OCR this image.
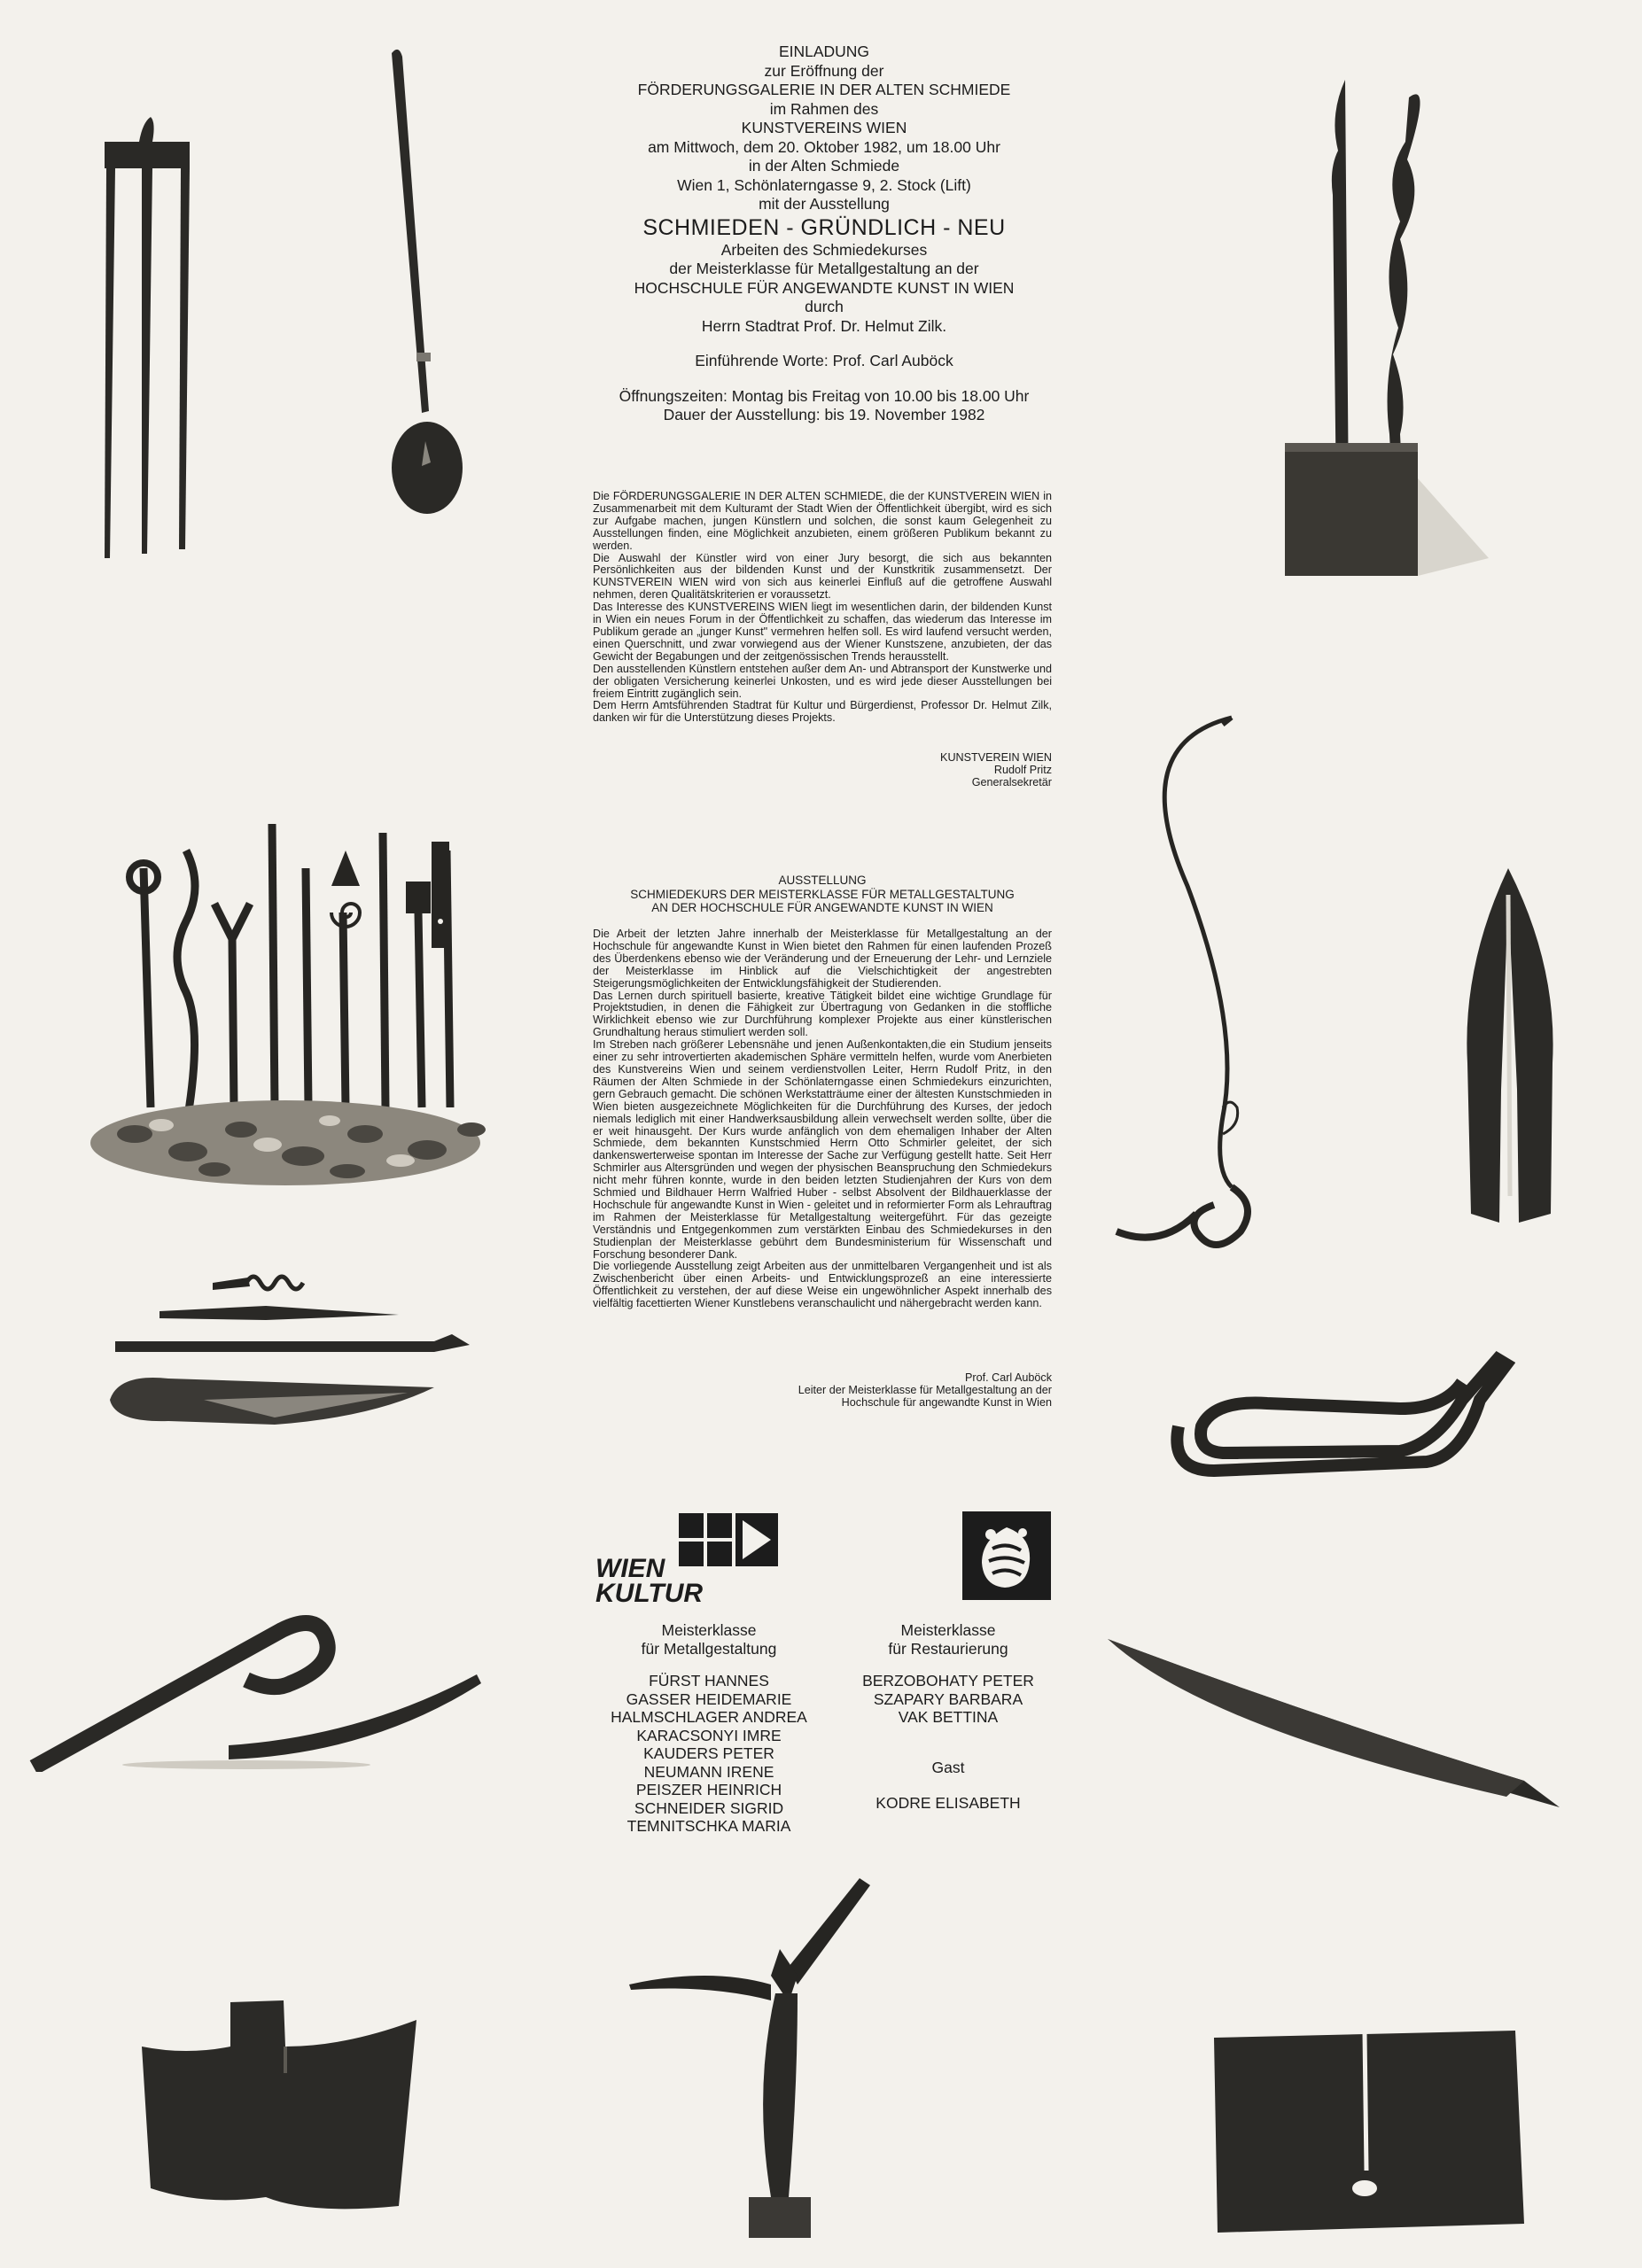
EINLADUNG
zur Eröffnung der
FÖRDERUNGSGALERIE IN DER ALTEN SCHMIEDE
im Rahmen des
KUNSTVEREINS WIEN
am Mittwoch, dem 20. Oktober 1982, um 18.00 Uhr
in der Alten Schmiede
Wien 1, Schönlaterngasse 9, 2. Stock (Lift)
mit der Ausstellung
SCHMIEDEN - GRÜNDLICH - NEU
Arbeiten des Schmiedekurses
der Meisterklasse für Metallgestaltung an der
HOCHSCHULE FÜR ANGEWANDTE KUNST IN WIEN
durch
Herrn Stadtrat Prof. Dr. Helmut Zilk.
Einführende Worte: Prof. Carl Auböck
Öffnungszeiten: Montag bis Freitag von 10.00 bis 18.00 Uhr
Dauer der Ausstellung: bis 19. November 1982

Die FÖRDERUNGSGALERIE IN DER ALTEN SCHMIEDE, die der KUNSTVEREIN WIEN in Zusammenarbeit mit dem Kulturamt der Stadt Wien der Öffentlichkeit übergibt, wird es sich zur Aufgabe machen, jungen Künstlern und solchen, die sonst kaum Gelegenheit zu Ausstellungen finden, eine Möglichkeit anzubieten, einem größeren Publikum bekannt zu werden.

Die Auswahl der Künstler wird von einer Jury besorgt, die sich aus bekannten Persönlichkeiten aus der bildenden Kunst und der Kunstkritik zusammensetzt. Der KUNSTVEREIN WIEN wird von sich aus keinerlei Einfluß auf die getroffene Auswahl nehmen, deren Qualitätskriterien er voraussetzt.

Das Interesse des KUNSTVEREINS WIEN liegt im wesentlichen darin, der bildenden Kunst in Wien ein neues Forum in der Öffentlichkeit zu schaffen, das wiederum das Interesse im Publikum gerade an „junger Kunst" vermehren helfen soll. Es wird laufend versucht werden, einen Querschnitt, und zwar vorwiegend aus der Wiener Kunstszene, anzubieten, der das Gewicht der Begabungen und der zeitgenössischen Trends herausstellt.

Den ausstellenden Künstlern entstehen außer dem An- und Abtransport der Kunstwerke und der obligaten Versicherung keinerlei Unkosten, und es wird jede dieser Ausstellungen bei freiem Eintritt zugänglich sein.

Dem Herrn Amtsführenden Stadtrat für Kultur und Bürgerdienst, Professor Dr. Helmut Zilk, danken wir für die Unterstützung dieses Projekts.

KUNSTVEREIN WIEN
Rudolf Pritz
Generalsekretär
AUSSTELLUNG
SCHMIEDEKURS DER MEISTERKLASSE FÜR METALLGESTALTUNG
AN DER HOCHSCHULE FÜR ANGEWANDTE KUNST IN WIEN

Die Arbeit der letzten Jahre innerhalb der Meisterklasse für Metallgestaltung an der Hochschule für angewandte Kunst in Wien bietet den Rahmen für einen laufenden Prozeß des Überdenkens ebenso wie der Veränderung und der Erneuerung der Lehr- und Lernziele der Meisterklasse im Hinblick auf die Vielschichtigkeit der angestrebten Steigerungsmöglichkeiten der Entwicklungsfähigkeit der Studierenden.

Das Lernen durch spirituell basierte, kreative Tätigkeit bildet eine wichtige Grundlage für Projektstudien, in denen die Fähigkeit zur Übertragung von Gedanken in die stoffliche Wirklichkeit ebenso wie zur Durchführung komplexer Projekte aus einer künstlerischen Grundhaltung heraus stimuliert werden soll.

Im Streben nach größerer Lebensnähe und jenen Außenkontakten,die ein Studium jenseits einer zu sehr introvertierten akademischen Sphäre vermitteln helfen, wurde vom Anerbieten des Kunstvereins Wien und seinem verdienstvollen Leiter, Herrn Rudolf Pritz, in den Räumen der Alten Schmiede in der Schönlaterngasse einen Schmiedekurs einzurichten, gern Gebrauch gemacht. Die schönen Werkstatträume einer der ältesten Kunstschmieden in Wien bieten ausgezeichnete Möglichkeiten für die Durchführung des Kurses, der jedoch niemals lediglich mit einer Handwerksausbildung allein verwechselt werden sollte, über die er weit hinausgeht. Der Kurs wurde anfänglich von dem ehemaligen Inhaber der Alten Schmiede, dem bekannten Kunstschmied Herrn Otto Schmirler geleitet, der sich dankenswerterweise spontan im Interesse der Sache zur Verfügung gestellt hatte. Seit Herr Schmirler aus Altersgründen und wegen der physischen Beanspruchung den Schmiedekurs nicht mehr führen konnte, wurde in den beiden letzten Studienjahren der Kurs von dem Schmied und Bildhauer Herrn Walfried Huber - selbst Absolvent der Bildhauerklasse der Hochschule für angewandte Kunst in Wien - geleitet und in reformierter Form als Lehrauftrag im Rahmen der Meisterklasse für Metallgestaltung weitergeführt. Für das gezeigte Verständnis und Entgegenkommen zum verstärkten Einbau des Schmiedekurses in den Studienplan der Meisterklasse gebührt dem Bundesministerium für Wissenschaft und Forschung besonderer Dank.

Die vorliegende Ausstellung zeigt Arbeiten aus der unmittelbaren Vergangenheit und ist als Zwischenbericht über einen Arbeits- und Entwicklungsprozeß an eine interessierte Öffentlichkeit zu verstehen, der auf diese Weise ein ungewöhnlicher Aspekt innerhalb des vielfältig facettierten Wiener Kunstlebens veranschaulicht und nähergebracht werden kann.

Prof. Carl Auböck
Leiter der Meisterklasse für Metallgestaltung an der
Hochschule für angewandte Kunst in Wien
WIEN
KULTUR
Meisterklasse
für Metallgestaltung
FÜRST HANNES
GASSER HEIDEMARIE
HALMSCHLAGER ANDREA
KARACSONYI IMRE
KAUDERS PETER
NEUMANN IRENE
PEISZER HEINRICH
SCHNEIDER SIGRID
TEMNITSCHKA MARIA
Meisterklasse
für Restaurierung
BERZOBOHATY PETER
SZAPARY BARBARA
VAK BETTINA
Gast
KODRE ELISABETH
